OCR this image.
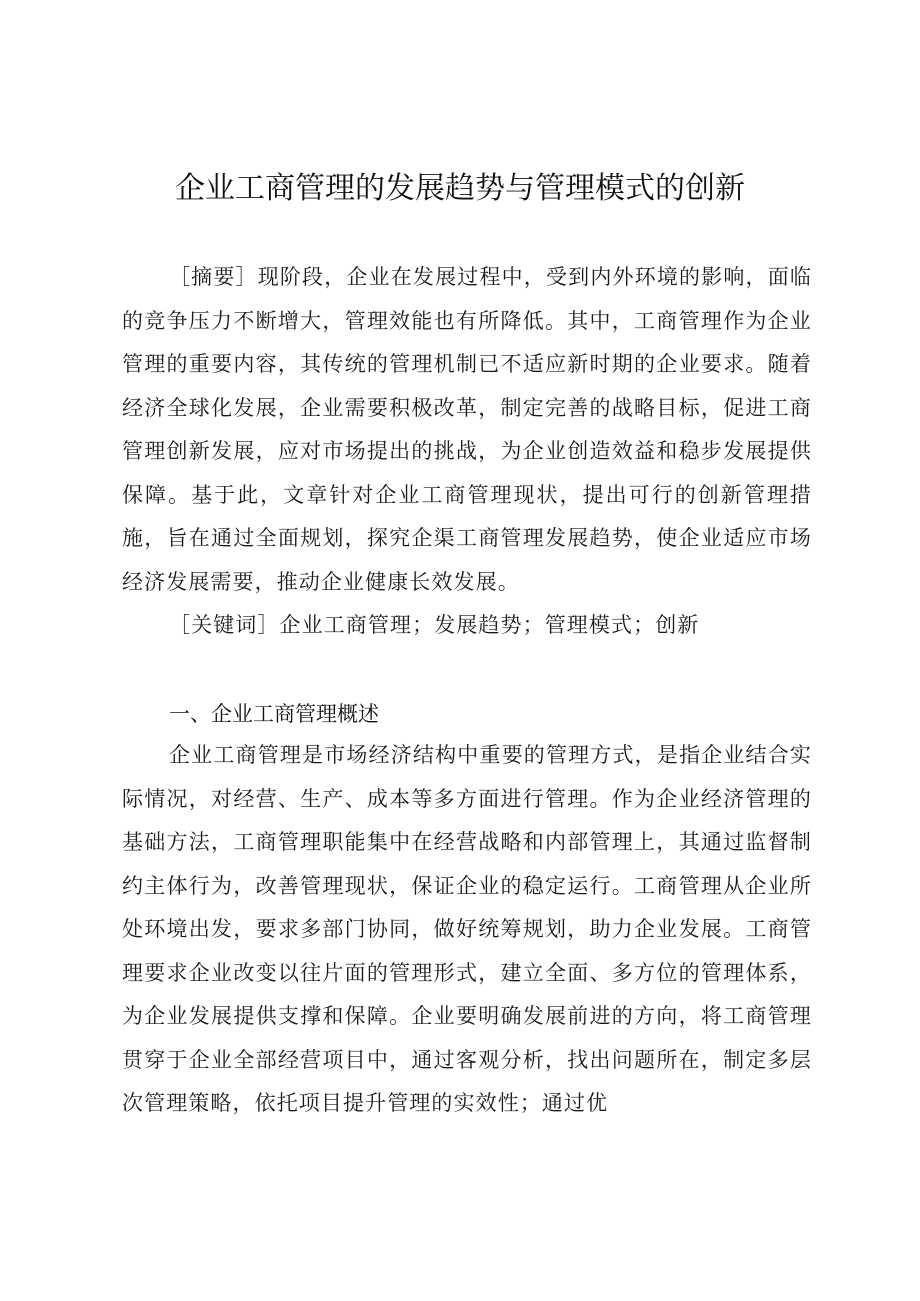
企业工商管理的发展趋势与管理模式的创新

［摘要］现阶段，企业在发展过程中，受到内外环境的影响，面临的竞争压力不断增大，管理效能也有所降低。其中，工商管理作为企业管理的重要内容，其传统的管理机制已不适应新时期的企业要求。随着经济全球化发展，企业需要积极改革，制定完善的战略目标，促进工商管理创新发展，应对市场提出的挑战，为企业创造效益和稳步发展提供保障。基于此，文章针对企业工商管理现状，提出可行的创新管理措施，旨在通过全面规划，探究企渠工商管理发展趋势，使企业适应市场经济发展需要，推动企业健康长效发展。

［关键词］企业工商管理；发展趋势；管理模式；创新

一、企业工商管理概述

企业工商管理是市场经济结构中重要的管理方式，是指企业结合实际情况，对经营、生产、成本等多方面进行管理。作为企业经济管理的基础方法，工商管理职能集中在经营战略和内部管理上，其通过监督制约主体行为，改善管理现状，保证企业的稳定运行。工商管理从企业所处环境出发，要求多部门协同，做好统筹规划，助力企业发展。工商管理要求企业改变以往片面的管理形式，建立全面、多方位的管理体系，为企业发展提供支撑和保障。企业要明确发展前进的方向，将工商管理贯穿于企业全部经营项目中，通过客观分析，找出问题所在，制定多层次管理策略，依托项目提升管理的实效性；通过优
